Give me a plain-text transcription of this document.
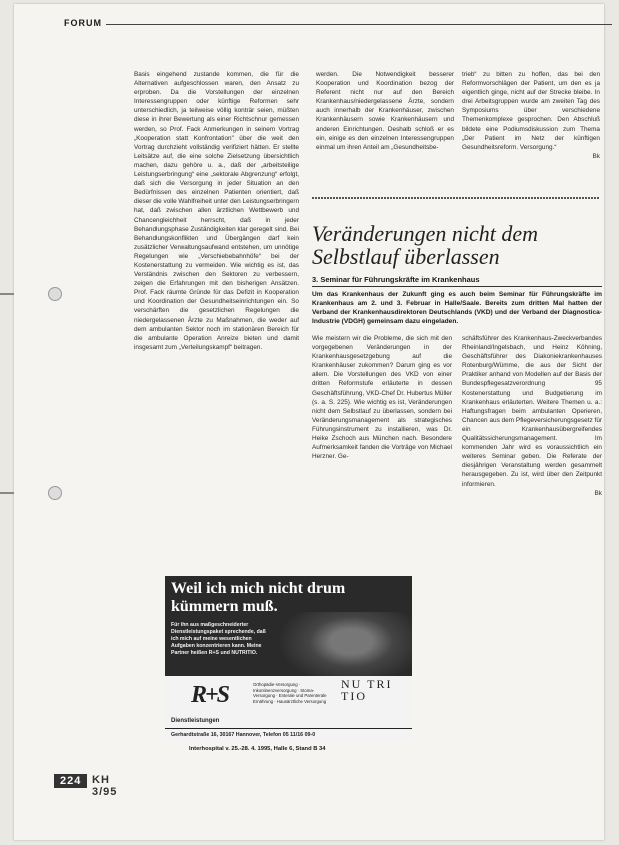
FORUM

Basis eingehend zustande kommen, die für die Alternativen aufgeschlossen waren, den Ansatz zu erproben. Da die Vorstellungen der einzelnen Interessengruppen oder künftige Reformen sehr unterschiedlich, ja teilweise völlig konträr seien, müßten diese in ihrer Bewertung als einer Richtschnur gemessen werden, so Prof. Fack Anmerkungen in seinem Vortrag „Kooperation statt Konfrontation" über die weit den Vortrag durchzieht vollständig verifiziert hätten. Er stellte Leitsätze auf, die eine solche Zielsetzung übersichtlich machen, dazu gehöre u. a., daß der „arbeitsteilige Leistungserbringung“ eine „sektorale Abgrenzung“ erfolgt, daß sich die Versorgung in jeder Situation an den Bedürfnissen des einzelnen Patienten orientiert, daß dieser die volle Wahlfreiheit unter den Leistungserbringern hat, daß zwischen allen ärztlichen Wettbewerb und Chancengleichheit herrscht, daß in jeder Behandlungsphase Zuständigkeiten klar geregelt sind. Bei Behandlungskonflikten und Übergängen darf kein zusätzlicher Verwaltungsaufwand entstehen, um unnötige Regelungen wie „Verschiebebahnhöfe“ bei der Kostenerstattung zu vermeiden. Wie wichtig es ist, das Verständnis zwischen den Sektoren zu verbessern, zeigen die Erfahrungen mit den bisherigen Ansätzen. Prof. Fack räumte Gründe für das Defizit in Kooperation und Koordination der Gesundheitseinrichtungen ein. So verschärften die gesetzlichen Regelungen die niedergelassenen Ärzte zu Maßnahmen, die weder auf dem ambulanten Sektor noch im stationären Bereich für die ambulante Operation Anreize bieten und damit insgesamt zum „Verteilungskampf“ beitragen.

werden. Die Notwendigkeit besserer Kooperation und Koordination bezog der Referent nicht nur auf den Bereich Krankenhaus/niedergelassene Ärzte, sondern auch innerhalb der Krankenhäuser, zwischen Krankenhäusern sowie Krankenhäusern und anderen Einrichtungen. Deshalb schloß er es ein, einige es den einzelnen Interessengruppen einmal um ihren Anteil am „Gesundheitsbe-

trieb“ zu bitten zu hoffen, das bei den Reformvorschlägen der Patient, um den es ja eigentlich ginge, nicht auf der Strecke bleibe. In drei Arbeitsgruppen wurde am zweiten Tag des Symposiums über verschiedene Themenkomplexe gesprochen. Den Abschluß bildete eine Podiumsdiskussion zum Thema „Der Patient im Netz der künftigen Gesundheitsreform. Versorgung.“

Bk

Veränderungen nicht dem Selbstlauf überlassen
3. Seminar für Führungskräfte im Krankenhaus
Um das Krankenhaus der Zukunft ging es auch beim Seminar für Führungskräfte im Krankenhaus am 2. und 3. Februar in Halle/Saale. Bereits zum dritten Mal hatten der Verband der Krankenhausdirektoren Deutschlands (VKD) und der Verband der Diagnostica-Industrie (VDGH) gemeinsam dazu eingeladen.

Wie meistern wir die Probleme, die sich mit den vorgegebenen Veränderungen in der Krankenhausgesetzgebung auf die Krankenhäuser zukommen? Darum ging es vor allem. Die Vorstellungen des VKD von einer dritten Reformstufe erläuterte in dessen Geschäftsführung, VKD-Chef Dr. Hubertus Müller (s. a. S. 225). Wie wichtig es ist, Veränderungen nicht dem Selbstlauf zu überlassen, sondern bei Veränderungsmanagement als strategisches Führungsinstrument zu installieren, was Dr. Heike Zschoch aus München nach. Besondere Aufmerksamkeit fanden die Vorträge von Michael Herzner. Ge-

schäftsführer des Krankenhaus-Zweckverbandes Rheinland/Ingelsbach, und Heinz Köhning, Geschäftsführer des Diakoniekrankenhauses Rotenburg/Wümme, die aus der Sicht der Praktiker anhand von Modellen auf der Basis der Bundespflegesatzverordnung 95 Kostenerstattung und Budgetierung im Krankenhaus erläuterten. Weitere Themen u. a.: Haftungsfragen beim ambulanten Operieren, Chancen aus dem Pflegeversicherungsgesetz für ein Krankenhausübergreifendes Qualitätssicherungsmanagement. Im kommenden Jahr wird es voraussichtlich ein weiteres Seminar geben. Die Referate der diesjährigen Veranstaltung werden gesammelt herausgegeben. Zu ist, wird über den Zeitpunkt informieren.

Bk

Weil ich mich nicht drum kümmern muß.
Für ihn aus maßgeschneiderter Dienstleistungspaket sprechende, daß ich mich auf meine wesentlichen Aufgaben konzentrieren kann. Meine Partner heißen R+S und NUTRITIO.
R+S	Orthopädie-Versorgung · Inkontinenzversorgung · Stoma-Versorgung · Enterale und Parenterale Ernährung · Hausärztliche Versorgung
NU TRI TIO
Dienstleistungen
Gerhardtstraße 16, 30167 Hannover, Telefon 05 11/16 09-0
Interhospital v. 25.-28. 4. 1995, Halle 6, Stand B 34
224 KH 3/95
